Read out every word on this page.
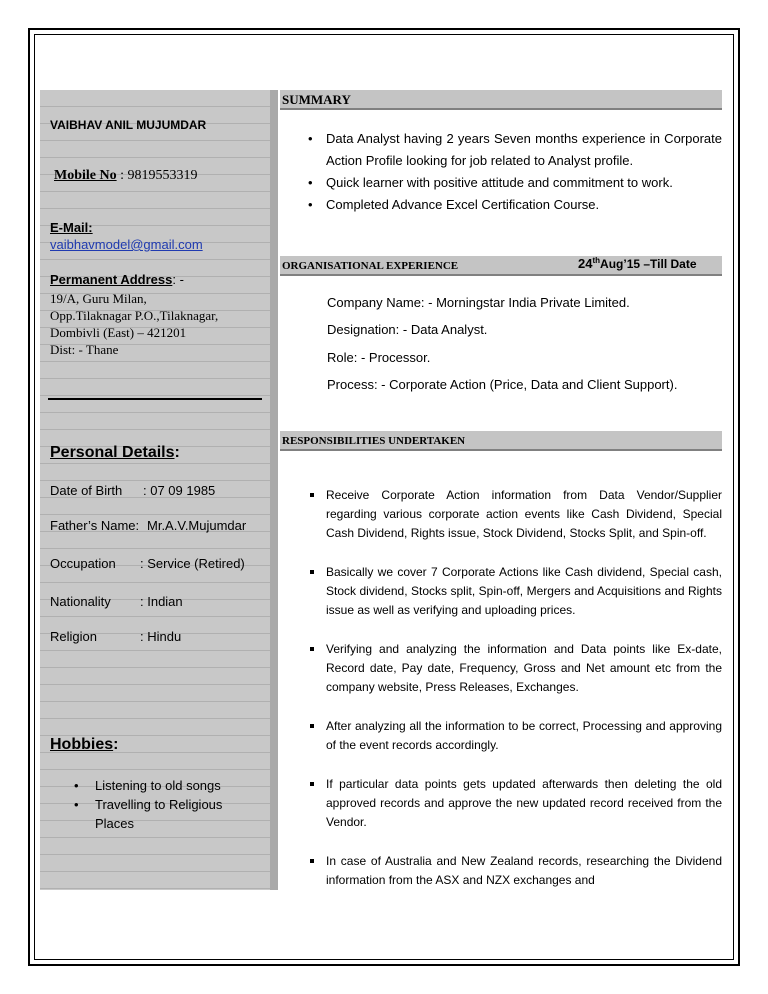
VAIBHAV ANIL MUJUMDAR
Mobile No : 9819553319
E-Mail:
vaibhavmodel@gmail.com
Permanent Address: -
19/A, Guru Milan,
Opp.Tilaknagar P.O.,Tilaknagar,
Dombivli (East) – 421201
Dist: - Thane
Personal Details:
Date of Birth : 07 09 1985
Father’s Name: Mr.A.V.Mujumdar
Occupation : Service (Retired)
Nationality : Indian
Religion	: Hindu
Hobbies:
• Listening to old songs
• Travelling to Religious Places
SUMMARY
• Data Analyst having 2 years Seven months experience in Corporate Action Profile looking for job related to Analyst profile.
• Quick learner with positive attitude and commitment to work.
• Completed Advance Excel Certification Course.
ORGANISATIONAL EXPERIENCE	24thAug’15 –Till Date
Company Name: - Morningstar India Private Limited.
Designation: - Data Analyst.
Role: - Processor.
Process: - Corporate Action (Price, Data and Client Support).
RESPONSIBILITIES UNDERTAKEN
Receive Corporate Action information from Data Vendor/Supplier regarding various corporate action events like Cash Dividend, Special Cash Dividend, Rights issue, Stock Dividend, Stocks Split, and Spin-off.
Basically we cover 7 Corporate Actions like Cash dividend, Special cash, Stock dividend, Stocks split, Spin-off, Mergers and Acquisitions and Rights issue as well as verifying and uploading prices.
Verifying and analyzing the information and Data points like Ex-date, Record date, Pay date, Frequency, Gross and Net amount etc from the company website, Press Releases, Exchanges.
After analyzing all the information to be correct, Processing and approving of the event records accordingly.
If particular data points gets updated afterwards then deleting the old approved records and approve the new updated record received from the Vendor.
In case of Australia and New Zealand records, researching the Dividend information from the ASX and NZX exchanges and
